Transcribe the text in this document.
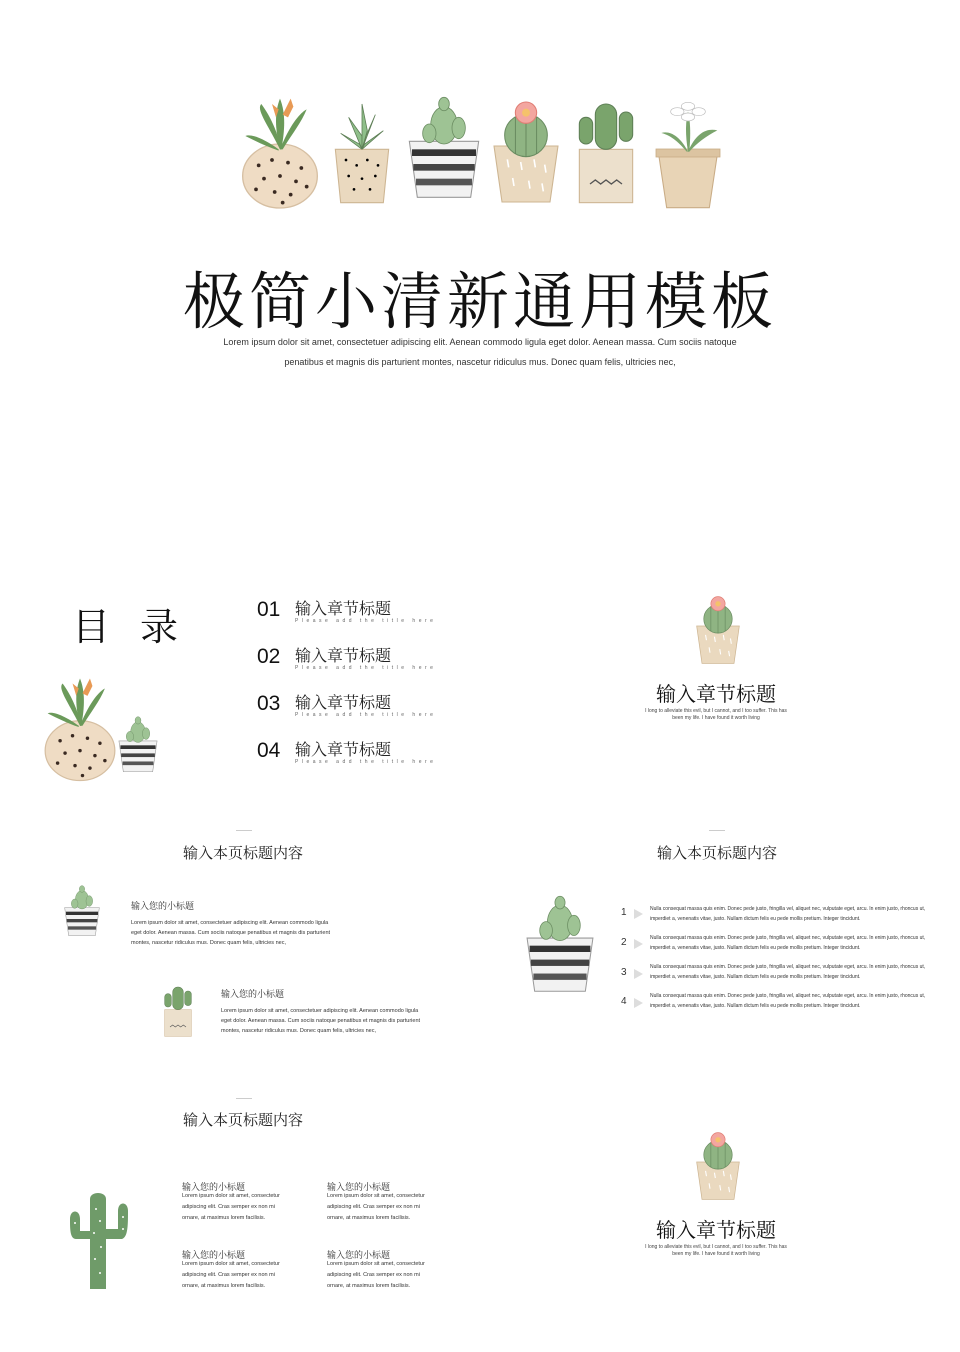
极简小清新通用模板
Lorem ipsum dolor sit amet, consectetuer adipiscing elit. Aenean commodo ligula eget dolor. Aenean massa. Cum sociis natoque
penatibus et magnis dis parturient montes, nascetur ridiculus mus. Donec quam felis, ultricies nec,
目录 01 输入章节标题
Please add the title here
02 输入章节标题
Please add the title here
03 输入章节标题
Please add the title here
04 输入章节标题
Please add the title here
输入章节标题
I long to alleviate this evil, but I cannot, and I too suffer. This has
been my life. I have found it worth living
输入本页标题内容
输入您的小标题
Lorem ipsum dolor sit amet, consectetuer adipiscing elit. Aenean commodo ligula
eget dolor. Aenean massa. Cum sociis natoque penatibus et magnis dis parturient
montes, nascetur ridiculus mus. Donec quam felis, ultricies nec,
输入您的小标题
Lorem ipsum dolor sit amet, consectetuer adipiscing elit. Aenean commodo ligula
eget dolor. Aenean massa. Cum sociis natoque penatibus et magnis dis parturient
montes, nascetur ridiculus mus. Donec quam felis, ultricies nec,
输入本页标题内容
1	Nulla consequat massa quis enim. Donec pede justo, fringilla vel, aliquet nec, vulputate eget, arcu. In enim justo, rhoncus ut,
imperdiet a, venenatis vitae, justo. Nullam dictum felis eu pede mollis pretium. Integer tincidunt.
2	Nulla consequat massa quis enim. Donec pede justo, fringilla vel, aliquet nec, vulputate eget, arcu. In enim justo, rhoncus ut,
imperdiet a, venenatis vitae, justo. Nullam dictum felis eu pede mollis pretium. Integer tincidunt.
3	Nulla consequat massa quis enim. Donec pede justo, fringilla vel, aliquet nec, vulputate eget, arcu. In enim justo, rhoncus ut,
imperdiet a, venenatis vitae, justo. Nullam dictum felis eu pede mollis pretium. Integer tincidunt.
4	Nulla consequat massa quis enim. Donec pede justo, fringilla vel, aliquet nec, vulputate eget, arcu. In enim justo, rhoncus ut,
imperdiet a, venenatis vitae, justo. Nullam dictum felis eu pede mollis pretium. Integer tincidunt.
输入本页标题内容
输入您的小标题
Lorem ipsum dolor sit amet, consectetur
adipiscing elit. Cras semper ex non mi
ornare, at maximus lorem facilisis.
输入您的小标题
Lorem ipsum dolor sit amet, consectetur
adipiscing elit. Cras semper ex non mi
ornare, at maximus lorem facilisis.
输入您的小标题
Lorem ipsum dolor sit amet, consectetur
adipiscing elit. Cras semper ex non mi
ornare, at maximus lorem facilisis.
输入您的小标题
Lorem ipsum dolor sit amet, consectetur
adipiscing elit. Cras semper ex non mi
ornare, at maximus lorem facilisis.
输入章节标题
I long to alleviate this evil, but I cannot, and I too suffer. This has
been my life. I have found it worth living
